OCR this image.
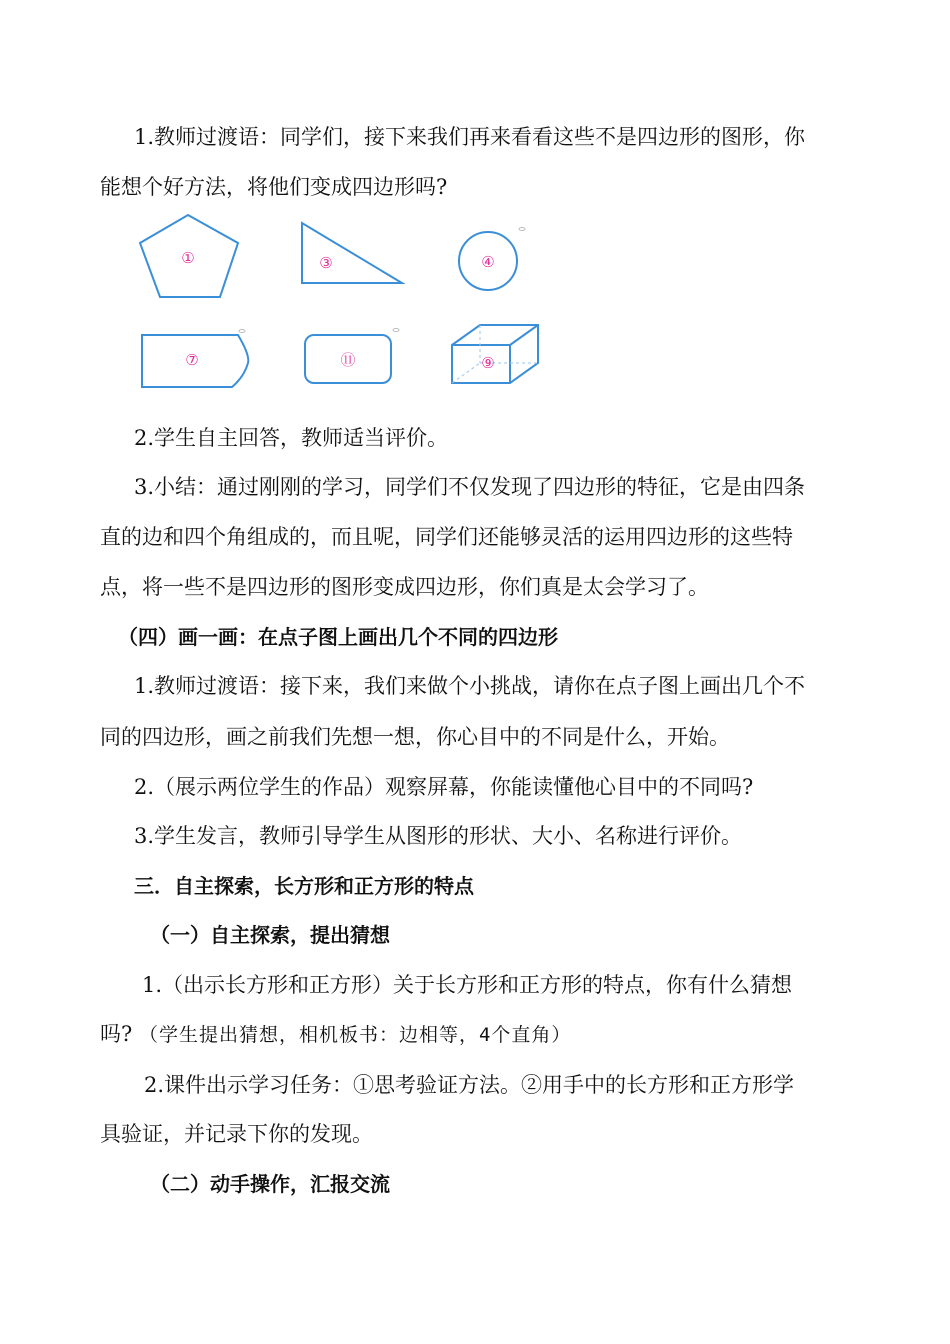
1.教师过渡语：同学们，接下来我们再来看看这些不是四边形的图形，你
能想个好方法，将他们变成四边形吗?
①	③	④
⑦	⑪	⑨
2.学生自主回答，教师适当评价。
3.小结：通过刚刚的学习，同学们不仅发现了四边形的特征，它是由四条
直的边和四个角组成的，而且呢，同学们还能够灵活的运用四边形的这些特
点，将一些不是四边形的图形变成四边形，你们真是太会学习了。
（四）画一画：在点子图上画出几个不同的四边形
1.教师过渡语：接下来，我们来做个小挑战，请你在点子图上画出几个不
同的四边形，画之前我们先想一想，你心目中的不同是什么，开始。
2.（展示两位学生的作品）观察屏幕，你能读懂他心目中的不同吗?
3.学生发言，教师引导学生从图形的形状、大小、名称进行评价。
三．自主探索，长方形和正方形的特点
（一）自主探索，提出猜想
1.（出示长方形和正方形）关于长方形和正方形的特点，你有什么猜想
吗? （学生提出猜想，相机板书：边相等，4个直角）
2.课件出示学习任务：①思考验证方法。②用手中的长方形和正方形学
具验证，并记录下你的发现。
（二）动手操作，汇报交流
